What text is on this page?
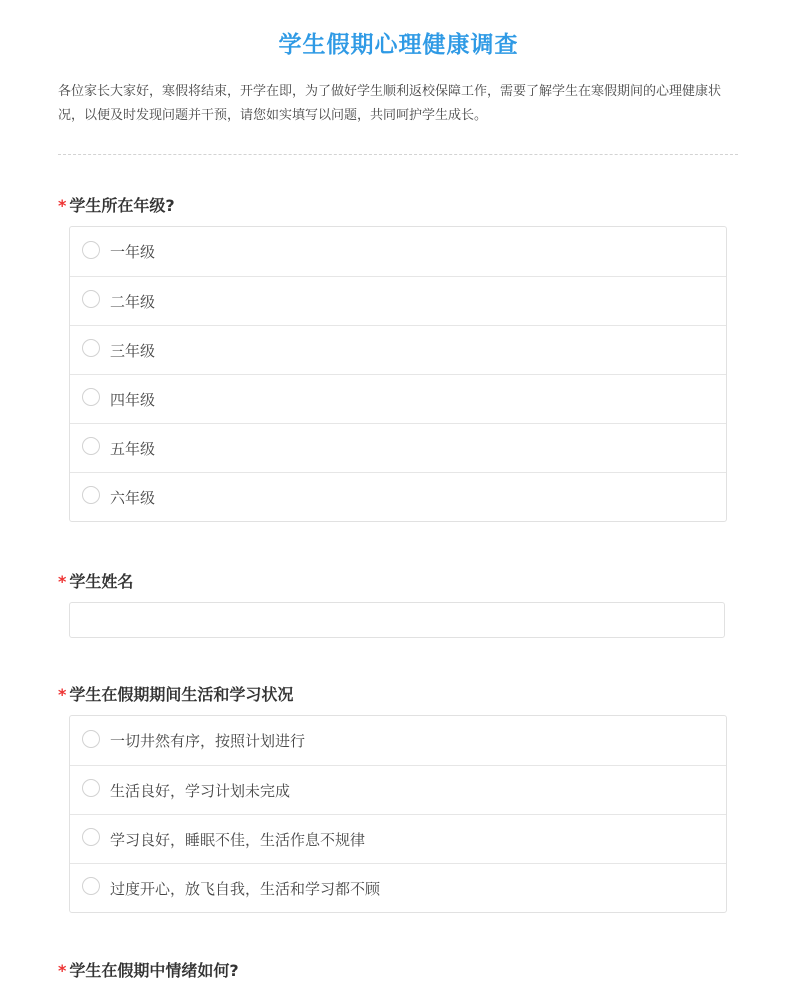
学生假期心理健康调查
各位家长大家好，寒假将结束，开学在即，为了做好学生顺利返校保障工作，需要了解学生在寒假期间的心理健康状况，以便及时发现问题并干预，请您如实填写以问题，共同呵护学生成长。
* 学生所在年级?
一年级
二年级
三年级
四年级
五年级
六年级
* 学生姓名
* 学生在假期期间生活和学习状况
一切井然有序，按照计划进行
生活良好，学习计划未完成
学习良好，睡眠不佳，生活作息不规律
过度开心，放飞自我，生活和学习都不顾
* 学生在假期中情绪如何?
